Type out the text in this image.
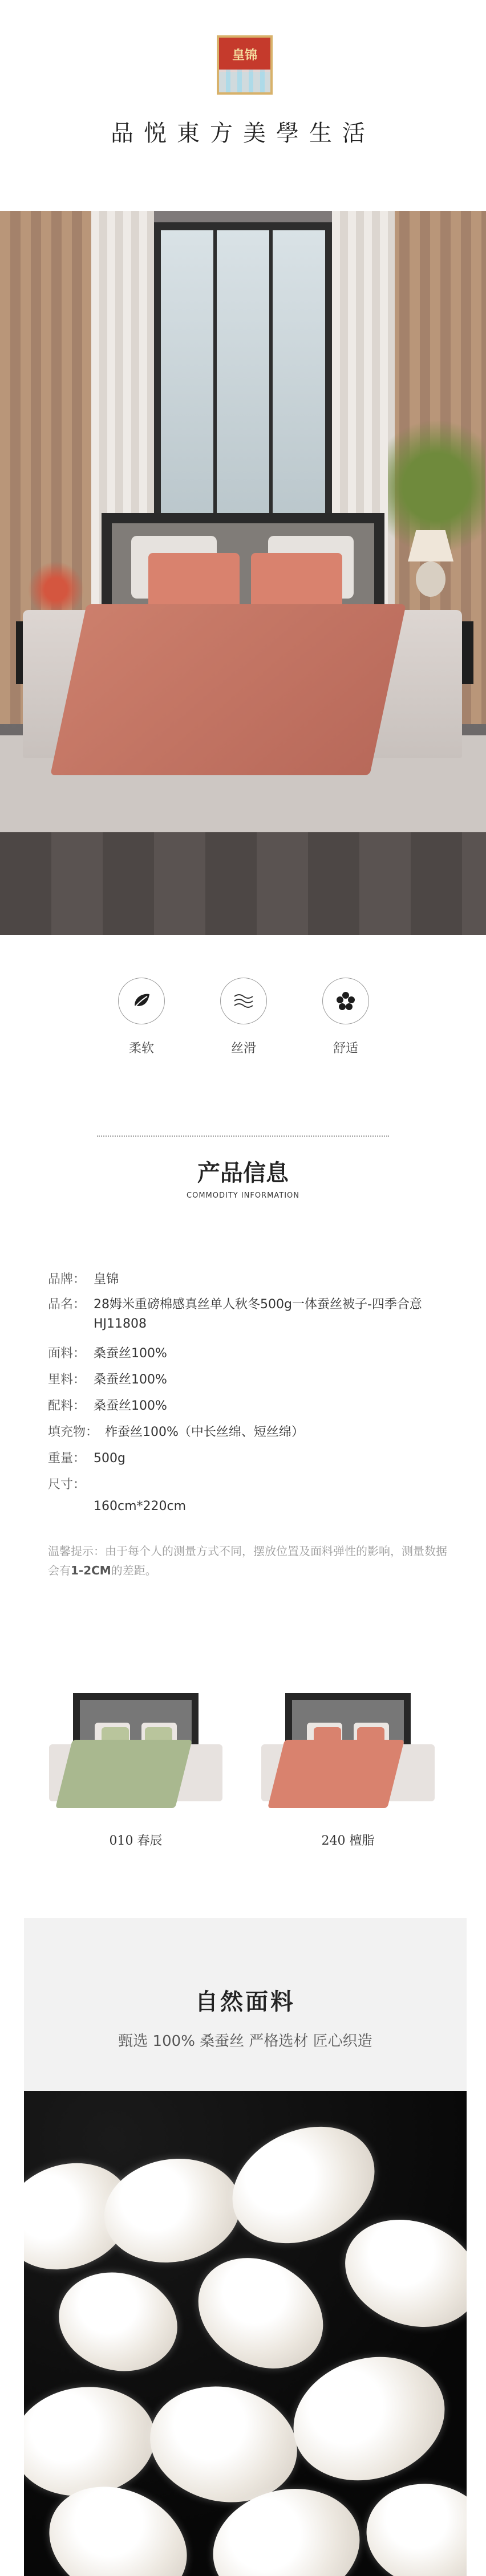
皇锦
品悦東方美學生活
柔软	丝滑	舒适
产品信息
COMMODITY INFORMATION
品牌： 皇锦
品名： 28姆米重磅棉感真丝单人秋冬500g一体蚕丝被子-四季合意HJ11808
面料： 桑蚕丝100%
里料： 桑蚕丝100%
配料： 桑蚕丝100%
填充物： 柞蚕丝100%（中长丝绵、短丝绵）
重量： 500g
尺寸：
160cm*220cm
温馨提示：由于每个人的测量方式不同，摆放位置及面料弹性的影响，测量数据会有1-2CM的差距。
010 春辰	240 檀脂
自然面料
甄选 100% 桑蚕丝 严格选材 匠心织造
